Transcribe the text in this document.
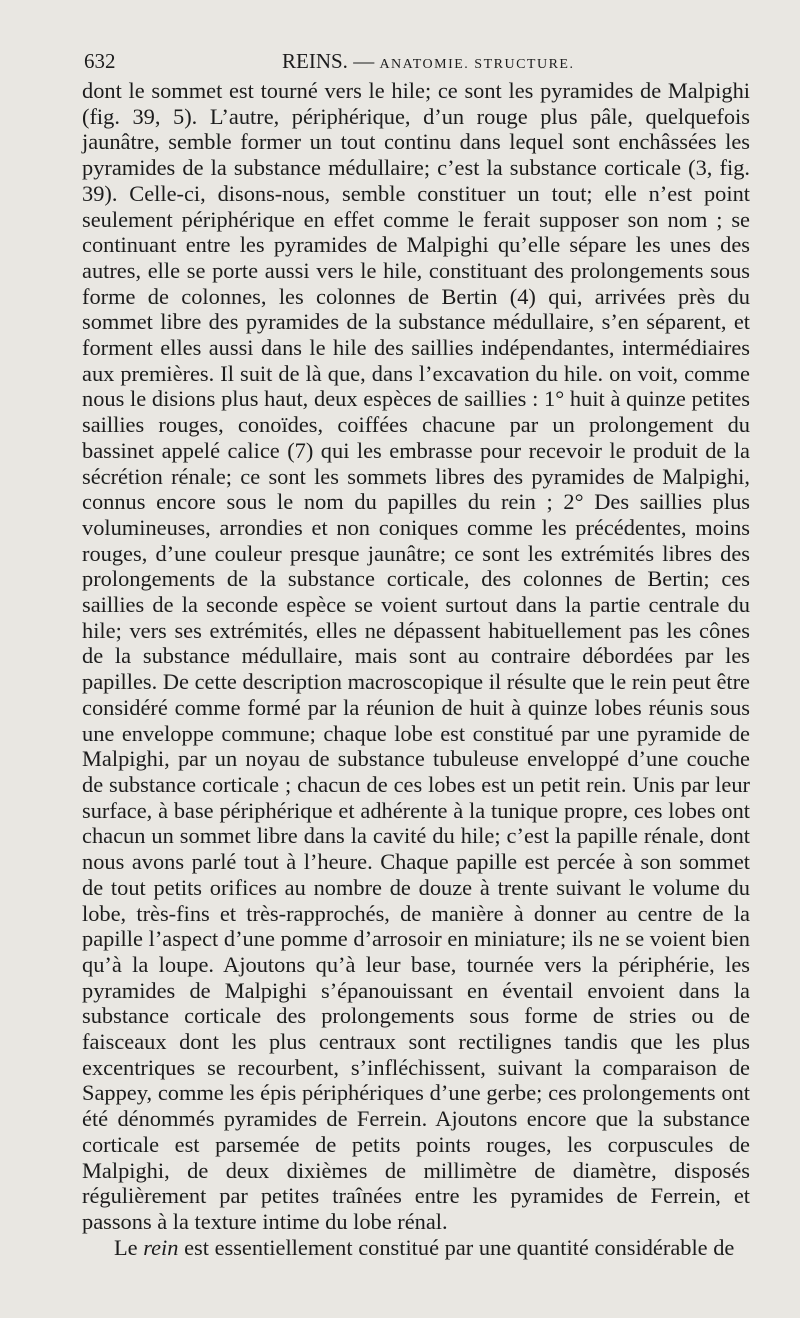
632	REINS. — ANATOMIE. STRUCTURE.

dont le sommet est tourné vers le hile; ce sont les pyramides de Malpighi (fig. 39, 5). L’autre, périphérique, d’un rouge plus pâle, quelquefois jaunâtre, semble former un tout continu dans lequel sont enchâssées les pyramides de la substance médullaire; c’est la substance corticale (3, fig. 39). Celle-ci, disons-nous, semble constituer un tout; elle n’est point seulement périphérique en effet comme le ferait supposer son nom ; se continuant entre les pyramides de Malpighi qu’elle sépare les unes des autres, elle se porte aussi vers le hile, constituant des prolongements sous forme de colonnes, les colonnes de Bertin (4) qui, arrivées près du sommet libre des pyramides de la substance médullaire, s’en séparent, et forment elles aussi dans le hile des saillies indépendantes, intermédiaires aux premières. Il suit de là que, dans l’excavation du hile. on voit, comme nous le disions plus haut, deux espèces de saillies : 1° huit à quinze petites saillies rouges, conoïdes, coiffées chacune par un prolongement du bassinet appelé calice (7) qui les embrasse pour recevoir le produit de la sécrétion rénale; ce sont les sommets libres des pyramides de Malpighi, connus encore sous le nom du papilles du rein ; 2° Des saillies plus volumineuses, arrondies et non coniques comme les précédentes, moins rouges, d’une couleur presque jaunâtre; ce sont les extrémités libres des prolongements de la substance corticale, des colonnes de Bertin; ces saillies de la seconde espèce se voient surtout dans la partie centrale du hile; vers ses extrémités, elles ne dépassent habituellement pas les cônes de la substance médullaire, mais sont au contraire débordées par les papilles. De cette description macroscopique il résulte que le rein peut être considéré comme formé par la réunion de huit à quinze lobes réunis sous une enveloppe commune; chaque lobe est constitué par une pyramide de Malpighi, par un noyau de substance tubuleuse enveloppé d’une couche de substance corticale ; chacun de ces lobes est un petit rein. Unis par leur surface, à base périphérique et adhérente à la tunique propre, ces lobes ont chacun un sommet libre dans la cavité du hile; c’est la papille rénale, dont nous avons parlé tout à l’heure. Chaque papille est percée à son sommet de tout petits orifices au nombre de douze à trente suivant le volume du lobe, très-fins et très-rapprochés, de manière à donner au centre de la papille l’aspect d’une pomme d’arrosoir en miniature; ils ne se voient bien qu’à la loupe. Ajoutons qu’à leur base, tournée vers la périphérie, les pyramides de Malpighi s’épanouissant en éventail envoient dans la substance corticale des prolongements sous forme de stries ou de faisceaux dont les plus centraux sont rectilignes tandis que les plus excentriques se recourbent, s’infléchissent, suivant la comparaison de Sappey, comme les épis périphériques d’une gerbe; ces prolongements ont été dénommés pyramides de Ferrein. Ajoutons encore que la substance corticale est parsemée de petits points rouges, les corpuscules de Malpighi, de deux dixièmes de millimètre de diamètre, disposés régulièrement par petites traînées entre les pyramides de Ferrein, et passons à la texture intime du lobe rénal.

Le rein est essentiellement constitué par une quantité considérable de
